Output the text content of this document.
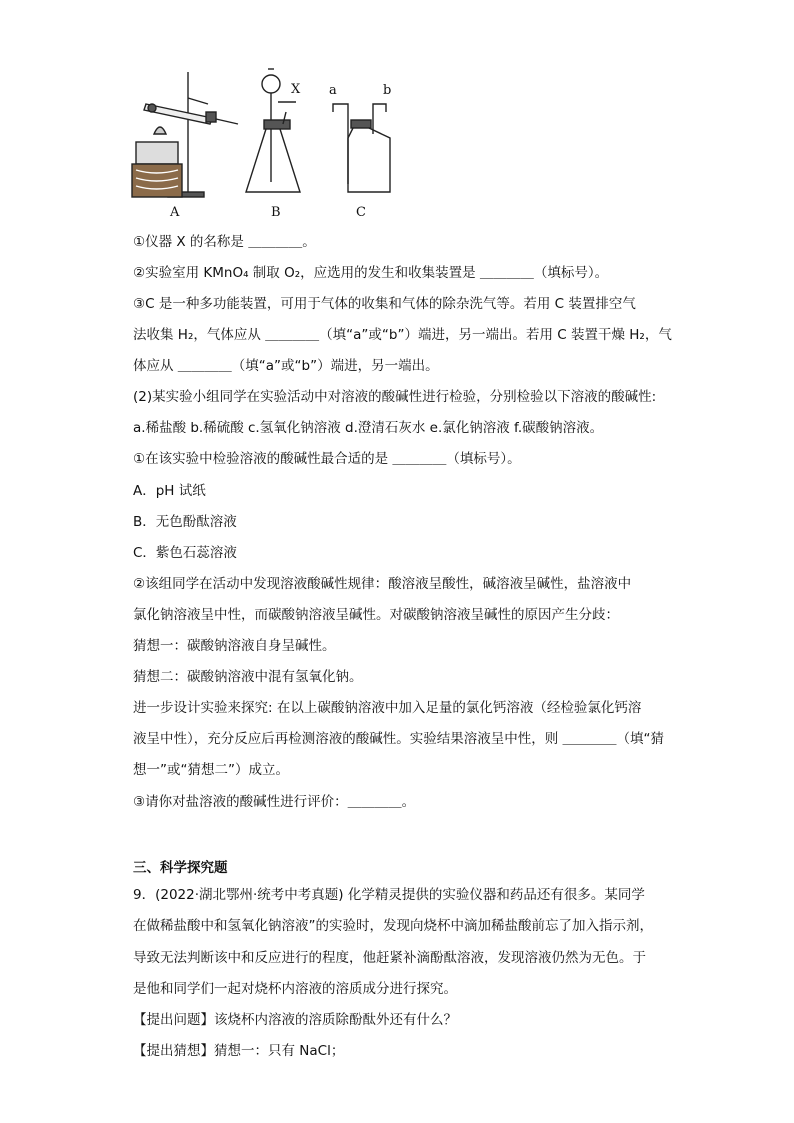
A
X
B
a	b
C
①仪器 X 的名称是 ＿＿＿＿。
②实验室用 KMnO₄ 制取 O₂，应选用的发生和收集装置是 ＿＿＿＿（填标号）。
③C 是一种多功能装置，可用于气体的收集和气体的除杂洗气等。若用 C 装置排空气
法收集 H₂，气体应从 ＿＿＿＿（填“a”或“b”）端进，另一端出。若用 C 装置干燥 H₂，气
体应从 ＿＿＿＿（填“a”或“b”）端进，另一端出。
(2)某实验小组同学在实验活动中对溶液的酸碱性进行检验，分别检验以下溶液的酸碱性:
a.稀盐酸 b.稀硫酸 c.氢氧化钠溶液 d.澄清石灰水 e.氯化钠溶液 f.碳酸钠溶液。
①在该实验中检验溶液的酸碱性最合适的是 ＿＿＿＿（填标号）。
A．pH 试纸
B．无色酚酞溶液
C．紫色石蕊溶液
②该组同学在活动中发现溶液酸碱性规律：酸溶液呈酸性，碱溶液呈碱性，盐溶液中
氯化钠溶液呈中性，而碳酸钠溶液呈碱性。对碳酸钠溶液呈碱性的原因产生分歧：
猜想一：碳酸钠溶液自身呈碱性。
猜想二：碳酸钠溶液中混有氢氧化钠。
进一步设计实验来探究: 在以上碳酸钠溶液中加入足量的氯化钙溶液（经检验氯化钙溶
液呈中性），充分反应后再检测溶液的酸碱性。实验结果溶液呈中性，则 ＿＿＿＿（填“猜
想一”或“猜想二”）成立。
③请你对盐溶液的酸碱性进行评价：＿＿＿＿。
三、科学探究题
9．(2022·湖北鄂州·统考中考真题) 化学精灵提供的实验仪器和药品还有很多。某同学
在做稀盐酸中和氢氧化钠溶液”的实验时，发现向烧杯中滴加稀盐酸前忘了加入指示剂，
导致无法判断该中和反应进行的程度，他赶紧补滴酚酞溶液，发现溶液仍然为无色。于
是他和同学们一起对烧杯内溶液的溶质成分进行探究。
【提出问题】该烧杯内溶液的溶质除酚酞外还有什么？
【提出猜想】猜想一：只有 NaCl；
